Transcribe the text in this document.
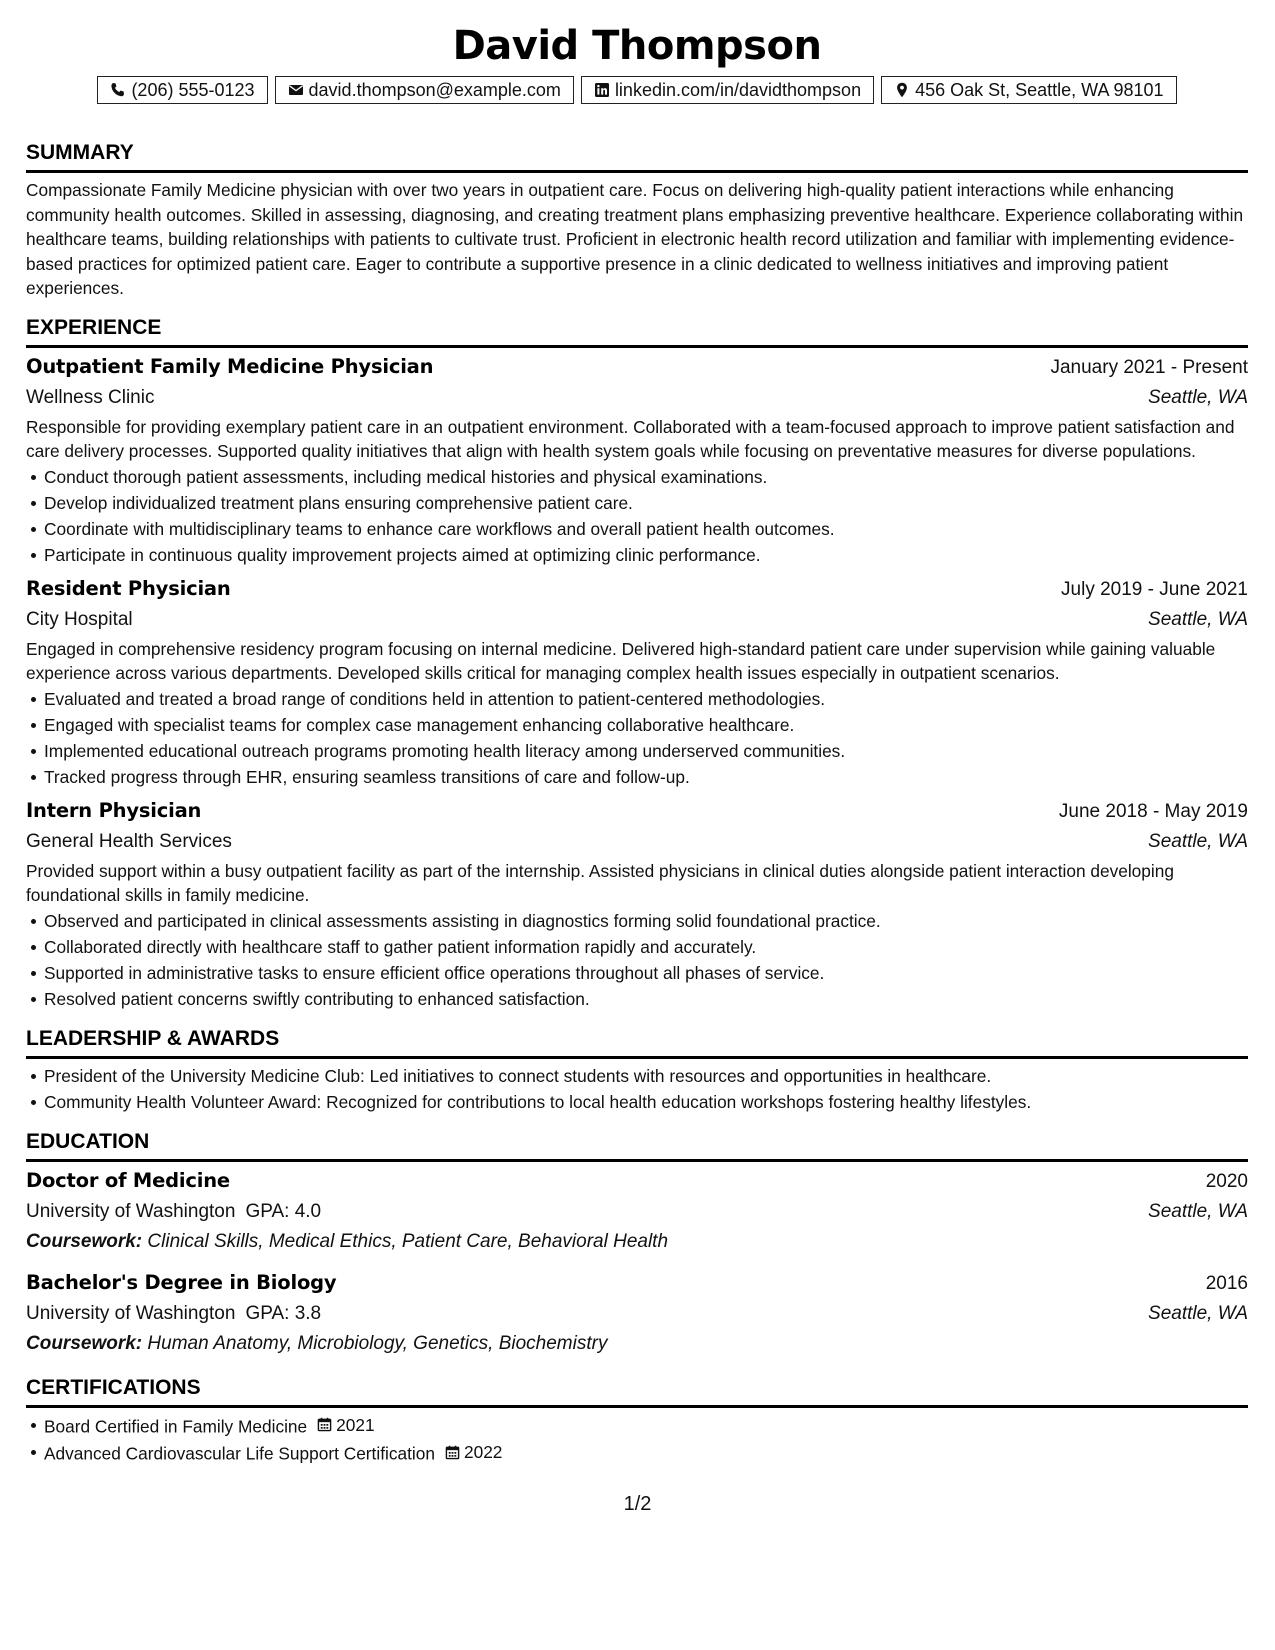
David Thompson
(206) 555-0123	david.thompson@example.com	linkedin.com/in/davidthompson	456 Oak St, Seattle, WA 98101
SUMMARY

Compassionate Family Medicine physician with over two years in outpatient care. Focus on delivering high-quality patient interactions while enhancing community health outcomes. Skilled in assessing, diagnosing, and creating treatment plans emphasizing preventive healthcare. Experience collaborating within healthcare teams, building relationships with patients to cultivate trust. Proficient in electronic health record utilization and familiar with implementing evidence-based practices for optimized patient care. Eager to contribute a supportive presence in a clinic dedicated to wellness initiatives and improving patient experiences.

EXPERIENCE
Outpatient Family Medicine Physician	January 2021 - Present
Wellness Clinic	Seattle, WA

Responsible for providing exemplary patient care in an outpatient environment. Collaborated with a team-focused approach to improve patient satisfaction and care delivery processes. Supported quality initiatives that align with health system goals while focusing on preventative measures for diverse populations.

Conduct thorough patient assessments, including medical histories and physical examinations.
Develop individualized treatment plans ensuring comprehensive patient care.
Coordinate with multidisciplinary teams to enhance care workflows and overall patient health outcomes.
Participate in continuous quality improvement projects aimed at optimizing clinic performance.
Resident Physician	July 2019 - June 2021
City Hospital	Seattle, WA

Engaged in comprehensive residency program focusing on internal medicine. Delivered high-standard patient care under supervision while gaining valuable experience across various departments. Developed skills critical for managing complex health issues especially in outpatient scenarios.

Evaluated and treated a broad range of conditions held in attention to patient-centered methodologies.
Engaged with specialist teams for complex case management enhancing collaborative healthcare.
Implemented educational outreach programs promoting health literacy among underserved communities.
Tracked progress through EHR, ensuring seamless transitions of care and follow-up.
Intern Physician	June 2018 - May 2019
General Health Services	Seattle, WA

Provided support within a busy outpatient facility as part of the internship. Assisted physicians in clinical duties alongside patient interaction developing foundational skills in family medicine.

Observed and participated in clinical assessments assisting in diagnostics forming solid foundational practice.
Collaborated directly with healthcare staff to gather patient information rapidly and accurately.
Supported in administrative tasks to ensure efficient office operations throughout all phases of service.
Resolved patient concerns swiftly contributing to enhanced satisfaction.
LEADERSHIP & AWARDS
President of the University Medicine Club: Led initiatives to connect students with resources and opportunities in healthcare.
Community Health Volunteer Award: Recognized for contributions to local health education workshops fostering healthy lifestyles.
EDUCATION
Doctor of Medicine	2020
University of Washington GPA: 4.0	Seattle, WA
Coursework: Clinical Skills, Medical Ethics, Patient Care, Behavioral Health
Bachelor's Degree in Biology	2016
University of Washington GPA: 3.8	Seattle, WA
Coursework: Human Anatomy, Microbiology, Genetics, Biochemistry
CERTIFICATIONS
Board Certified in Family Medicine 2021
Advanced Cardiovascular Life Support Certification 2022
1/2
